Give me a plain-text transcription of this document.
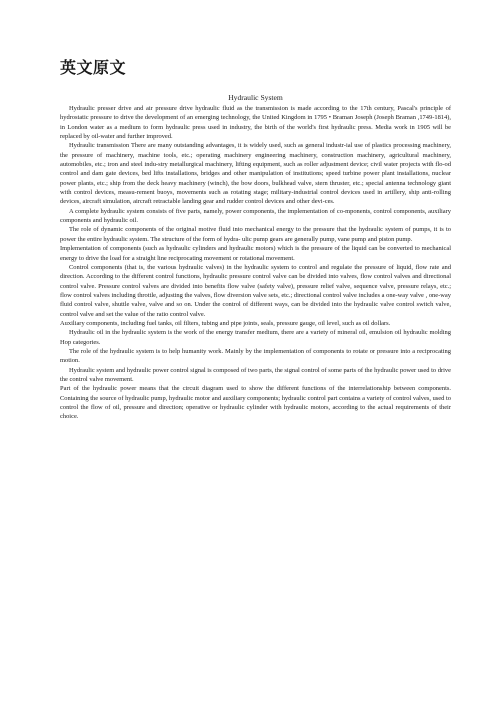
英文原文
Hydraulic System

Hydraulic presser drive and air pressure drive hydraulic fluid as the transmission is made according to the 17th century, Pascal's principle of hydrostatic pressure to drive the development of an emerging technology, the United Kingdom in 1795 • Braman Joseph (Joseph Braman ,1749-1814), in London water as a medium to form hydraulic press used in industry, the birth of the world's first hydraulic press. Media work in 1905 will be replaced by oil-water and further improved.

Hydraulic transmission There are many outstanding advantages, it is widely used, such as general industr-ial use of plastics processing machinery, the pressure of machinery, machine tools, etc.; operating machinery engineering machinery, construction machinery, agricultural machinery, automobiles, etc.; iron and steel indu-stry metallurgical machinery, lifting equipment, such as roller adjustment device; civil water projects with flo-od control and dam gate devices, bed lifts installations, bridges and other manipulation of institutions; speed turbine power plant installations, nuclear power plants, etc.; ship from the deck heavy machinery (winch), the bow doors, bulkhead valve, stern thruster, etc.; special antenna technology giant with control devices, measu-rement buoys, movements such as rotating stage; military-industrial control devices used in artillery, ship anti-rolling devices, aircraft simulation, aircraft retractable landing gear and rudder control devices and other devi-ces.

A complete hydraulic system consists of five parts, namely, power components, the implementation of co-mponents, control components, auxiliary components and hydraulic oil.

The role of dynamic components of the original motive fluid into mechanical energy to the pressure that the hydraulic system of pumps, it is to power the entire hydraulic system. The structure of the form of hydra- ulic pump gears are generally pump, vane pump and piston pump.

Implementation of components (such as hydraulic cylinders and hydraulic motors) which is the pressure of the liquid can be converted to mechanical energy to drive the load for a straight line reciprocating movement or rotational movement.

Control components (that is, the various hydraulic valves) in the hydraulic system to control and regulate the pressure of liquid, flow rate and direction. According to the different control functions, hydraulic pressure control valve can be divided into valves, flow control valves and directional control valve. Pressure control valves are divided into benefits flow valve (safety valve), pressure relief valve, sequence valve, pressure relays, etc.; flow control valves including throttle, adjusting the valves, flow diversion valve sets, etc.; directional control valve includes a one-way valve , one-way fluid control valve, shuttle valve, valve and so on. Under the control of different ways, can be divided into the hydraulic valve control switch valve, control valve and set the value of the ratio control valve.

Auxiliary components, including fuel tanks, oil filters, tubing and pipe joints, seals, pressure gauge, oil level, such as oil dollars.

Hydraulic oil in the hydraulic system is the work of the energy transfer medium, there are a variety of mineral oil, emulsion oil hydraulic molding Hop categories.

The role of the hydraulic system is to help humanity work. Mainly by the implementation of components to rotate or pressure into a reciprocating motion.

Hydraulic system and hydraulic power control signal is composed of two parts, the signal control of some parts of the hydraulic power used to drive the control valve movement.

Part of the hydraulic power means that the circuit diagram used to show the different functions of the interrelationship between components. Containing the source of hydraulic pump, hydraulic motor and auxiliary components; hydraulic control part contains a variety of control valves, used to control the flow of oil, pressure and direction; operative or hydraulic cylinder with hydraulic motors, according to the actual requirements of their choice.
